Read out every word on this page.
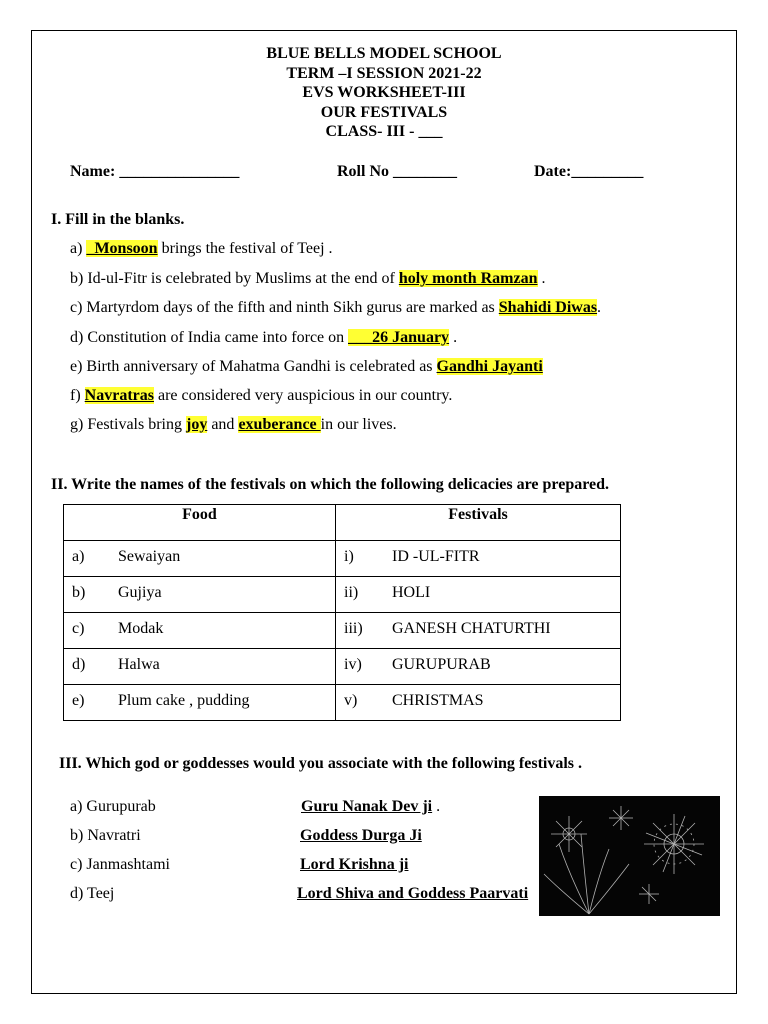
BLUE BELLS MODEL SCHOOL
TERM –I SESSION 2021-22
EVS WORKSHEET-III
OUR FESTIVALS
CLASS- III - ___
Name: _______________	Roll No ________	Date:_________
I. Fill in the blanks.
a) _Monsoon brings the festival of Teej .
b) Id-ul-Fitr is celebrated by Muslims at the end of holy month Ramzan .
c) Martyrdom days of the fifth and ninth Sikh gurus are marked as Shahidi Diwas.
d) Constitution of India came into force on ___26 January .
e) Birth anniversary of Mahatma Gandhi is celebrated as Gandhi Jayanti
f) Navratras are considered very auspicious in our country.
g) Festivals bring joy and exuberance in our lives.
II. Write the names of the festivals on which the following delicacies are prepared.
Food	Festivals
a) Sewaiyan	i) ID -UL-FITR
b) Gujiya	ii) HOLI
c) Modak	iii) GANESH CHATURTHI
d) Halwa	iv) GURUPURAB
e) Plum cake , pudding	v) CHRISTMAS
III. Which god or goddesses would you associate with the following festivals .
a) Gurupurab	Guru Nanak Dev ji .
b) Navratri	Goddess Durga Ji
c) Janmashtami	Lord Krishna ji
d) Teej	Lord Shiva and Goddess Paarvati
